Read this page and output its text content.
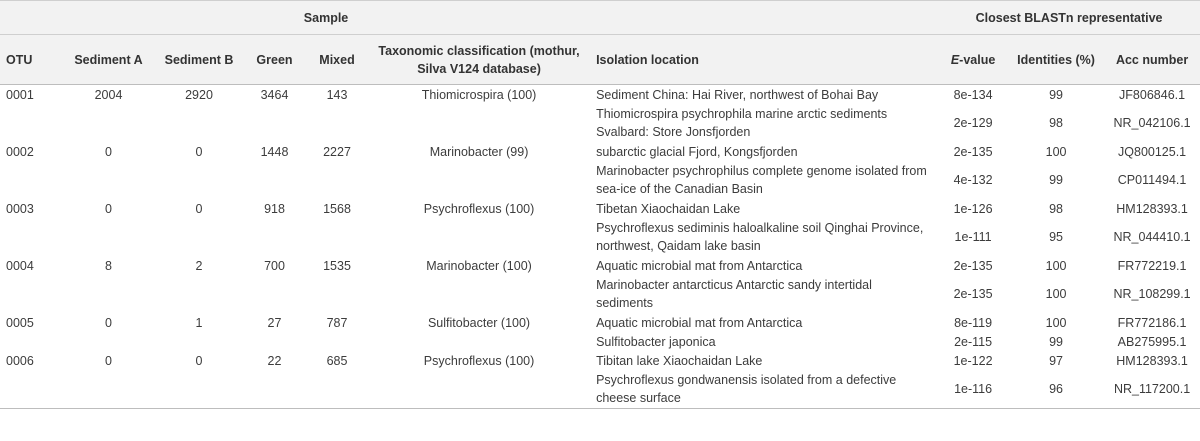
	Sample						Closest BLASTn representative		
OTU	Sediment A	Sediment B	Green	Mixed	Taxonomic classification (mothur, Silva V124 database)	Isolation location	E-value	Identities (%)	Acc number
0001	2004	2920	3464	143	Thiomicrospira (100)	Sediment China: Hai River, northwest of Bohai Bay	8e-134	99	JF806846.1
						Thiomicrospira psychrophila marine arctic sediments Svalbard: Store Jonsfjorden	2e-129	98	NR_042106.1
0002	0	0	1448	2227	Marinobacter (99)	subarctic glacial Fjord, Kongsfjorden	2e-135	100	JQ800125.1
						Marinobacter psychrophilus complete genome isolated from sea-ice of the Canadian Basin	4e-132	99	CP011494.1
0003	0	0	918	1568	Psychroflexus (100)	Tibetan Xiaochaidan Lake	1e-126	98	HM128393.1
						Psychroflexus sediminis haloalkaline soil Qinghai Province, northwest, Qaidam lake basin	1e-111	95	NR_044410.1
0004	8	2	700	1535	Marinobacter (100)	Aquatic microbial mat from Antarctica	2e-135	100	FR772219.1
						Marinobacter antarcticus Antarctic sandy intertidal sediments	2e-135	100	NR_108299.1
0005	0	1	27	787	Sulfitobacter (100)	Aquatic microbial mat from Antarctica	8e-119	100	FR772186.1
						Sulfitobacter japonica	2e-115	99	AB275995.1
0006	0	0	22	685	Psychroflexus (100)	Tibitan lake Xiaochaidan Lake	1e-122	97	HM128393.1
						Psychroflexus gondwanensis isolated from a defective cheese surface	1e-116	96	NR_117200.1
